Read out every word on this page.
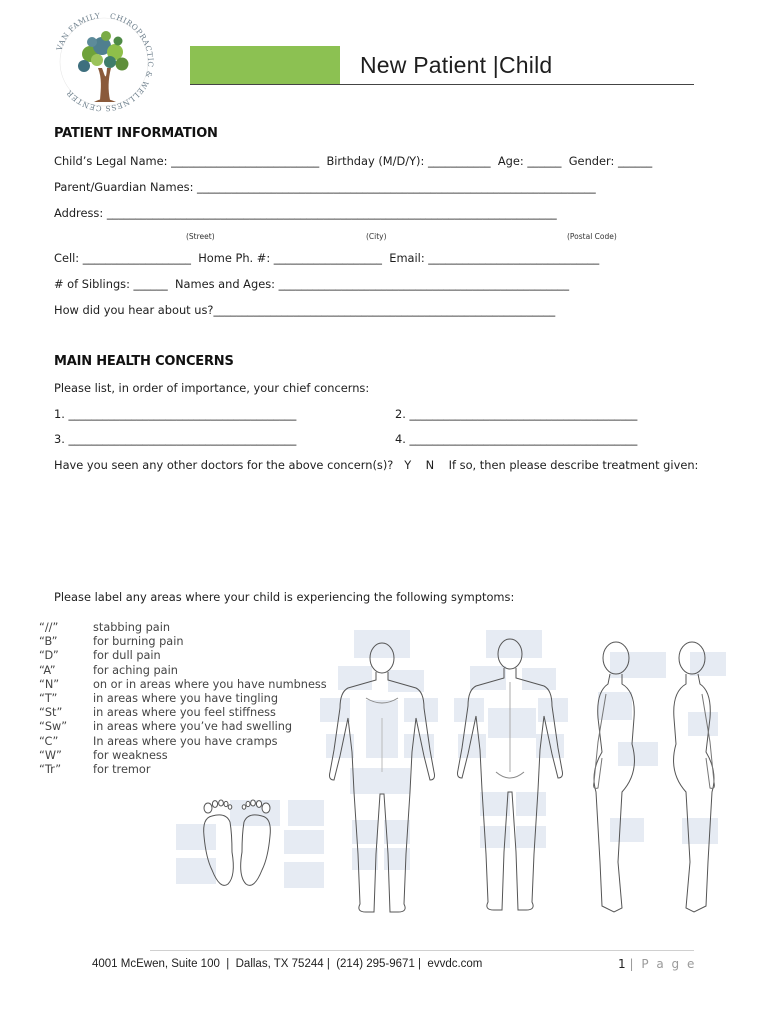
VAN FAMILY CHIROPRACTIC & WELLNESS CENTER
New Patient |Child
PATIENT INFORMATION
Child’s Legal Name: __________________________  Birthday (M/D/Y): ___________  Age: ______  Gender: ______
Parent/Guardian Names: ______________________________________________________________________
Address: _______________________________________________________________________________
(Street)	(City)	(Postal Code)
Cell: ___________________  Home Ph. #: ___________________  Email: ______________________________
# of Siblings: ______  Names and Ages: ___________________________________________________
How did you hear about us?____________________________________________________________
MAIN HEALTH CONCERNS
Please list, in order of importance, your chief concerns:
1. ________________________________________	2. ________________________________________
3. ________________________________________	4. ________________________________________
Have you seen any other doctors for the above concern(s)?   Y    N    If so, then please describe treatment given:
Please label any areas where your child is experiencing the following symptoms:
“//”	stabbing pain
“B”	for burning pain
“D”	for dull pain
“A”	for aching pain
“N”	on or in areas where you have numbness
“T”	in areas where you have tingling
“St”	in areas where you feel stiffness
“Sw”	in areas where you’ve had swelling
“C”	In areas where you have cramps
“W”	for weakness
“Tr”	for tremor
4001 McEwen, Suite 100  |  Dallas, TX 75244 |  (214) 295-9671 |  evvdc.com	1 | P a g e
